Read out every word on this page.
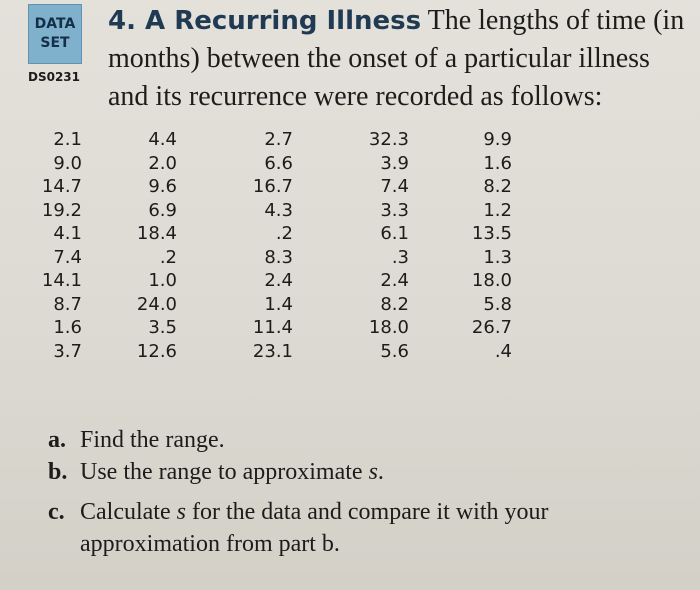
DATA
SET
DS0231
4. A Recurring Illness The lengths of time (in months) between the onset of a particular illness and its recurrence were recorded as follows:
2.1	4.4	2.7	32.3	9.9
9.0	2.0	6.6	3.9	1.6
14.7	9.6	16.7	7.4	8.2
19.2	6.9	4.3	3.3	1.2
4.1	18.4	.2	6.1	13.5
7.4	.2	8.3	.3	1.3
14.1	1.0	2.4	2.4	18.0
8.7	24.0	1.4	8.2	5.8
1.6	3.5	11.4	18.0	26.7
3.7	12.6	23.1	5.6	.4
a. Find the range.
b. Use the range to approximate s.
c. Calculate s for the data and compare it with your approximation from part b.
